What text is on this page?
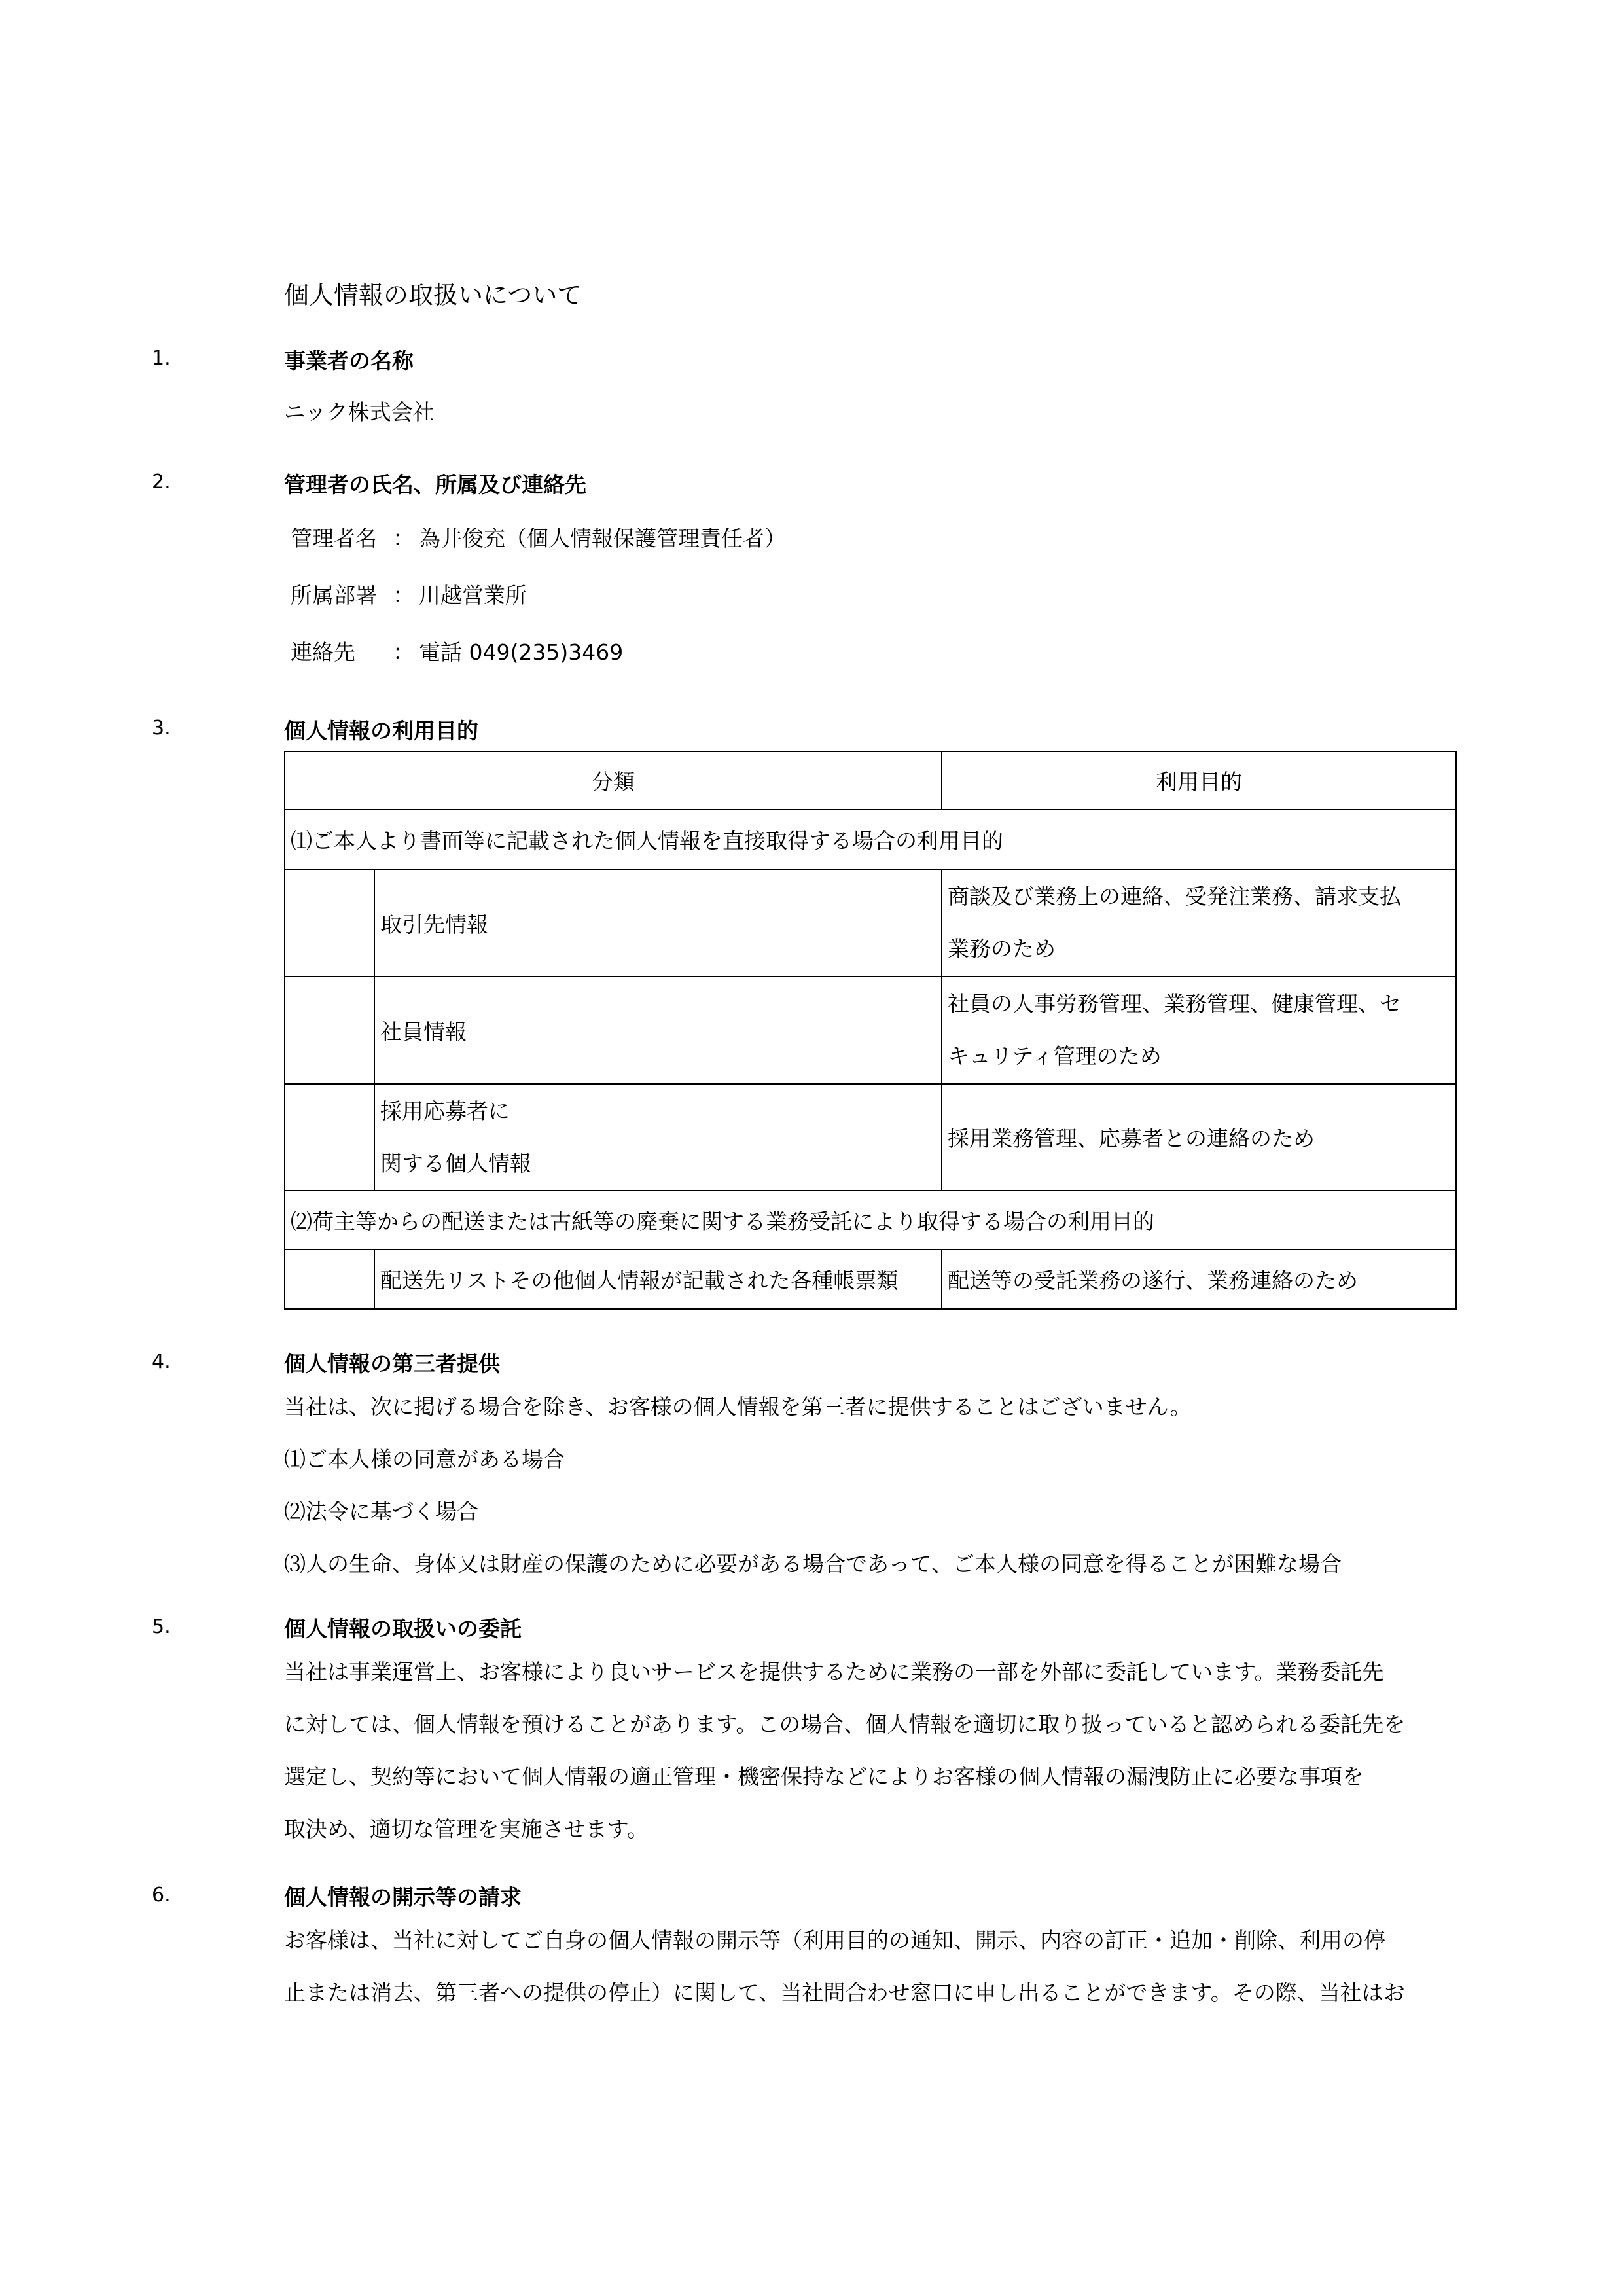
個人情報の取扱いについて
1.	事業者の名称
ニック株式会社
2.	管理者の氏名、所属及び連絡先
管理者名 ： 為井俊充（個人情報保護管理責任者）
所属部署 ： 川越営業所
連絡先 ： 電話 049(235)3469
3.	個人情報の利用目的
分類		利用目的
⑴ご本人より書面等に記載された個人情報を直接取得する場合の利用目的		
	取引先情報	商談及び業務上の連絡、受発注業務、請求支払
業務のため

	社員情報	社員の人事労務管理、業務管理、健康管理、セ
キュリティ管理のため

	採用応募者に
関する個人情報	採用業務管理、応募者との連絡のため
⑵荷主等からの配送または古紙等の廃棄に関する業務受託により取得する場合の利用目的		
	配送先リストその他個人情報が記載された各種帳票類	配送等の受託業務の遂行、業務連絡のため
4.	個人情報の第三者提供

当社は、次に掲げる場合を除き、お客様の個人情報を第三者に提供することはございません。

⑴ご本人様の同意がある場合

⑵法令に基づく場合

⑶人の生命、身体又は財産の保護のために必要がある場合であって、ご本人様の同意を得ることが困難な場合

5.	個人情報の取扱いの委託

当社は事業運営上、お客様により良いサービスを提供するために業務の一部を外部に委託しています。業務委託先

に対しては、個人情報を預けることがあります。この場合、個人情報を適切に取り扱っていると認められる委託先を

選定し、契約等において個人情報の適正管理・機密保持などによりお客様の個人情報の漏洩防止に必要な事項を

取決め、適切な管理を実施させます。

6.	個人情報の開示等の請求

お客様は、当社に対してご自身の個人情報の開示等（利用目的の通知、開示、内容の訂正・追加・削除、利用の停

止または消去、第三者への提供の停止）に関して、当社問合わせ窓口に申し出ることができます。その際、当社はお
